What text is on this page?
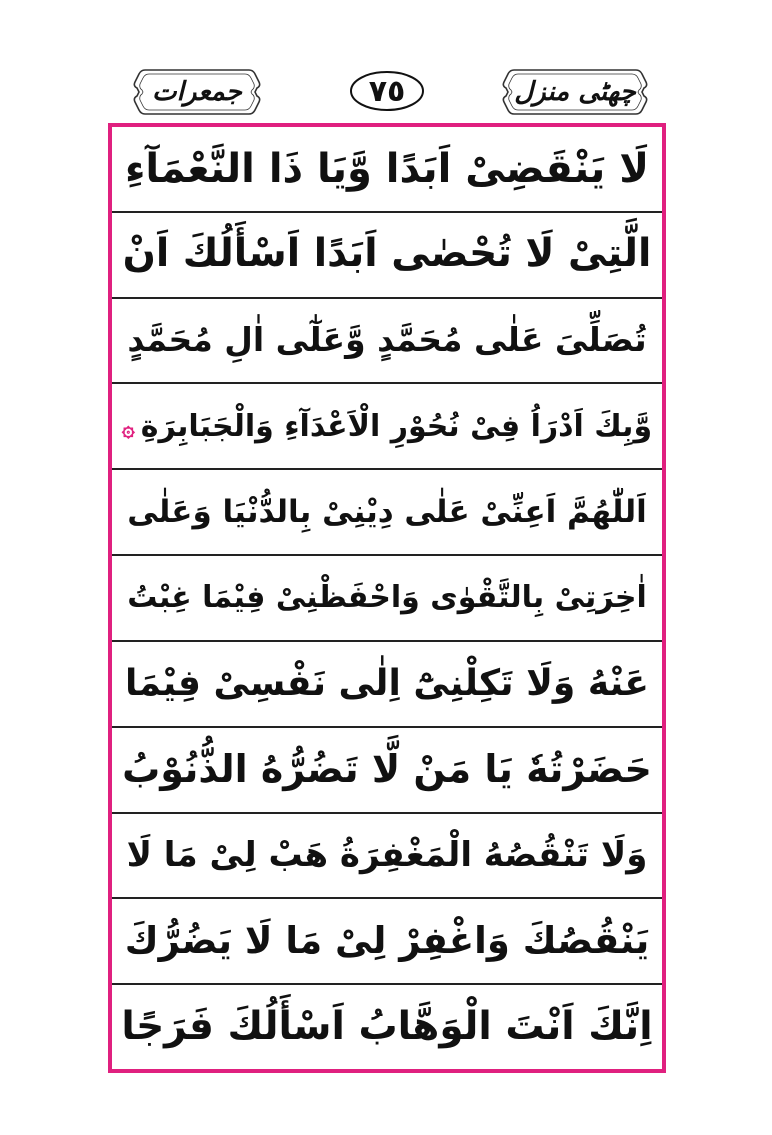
جمعرات	٧٥	چھٹی منزل
لَا يَنْقَضِىْ اَبَدًا وَّيَا ذَا النَّعْمَآءِ
الَّتِىْ لَا تُحْصٰى اَبَدًا اَسْأَلُكَ اَنْ
تُصَلِّىَ عَلٰى مُحَمَّدٍ وَّعَلٰٓى اٰلِ مُحَمَّدٍ
وَّبِكَ اَدْرَاُ فِىْ نُحُوْرِ الْاَعْدَآءِ وَالْجَبَابِرَةِ۞
اَللّٰهُمَّ اَعِنِّىْ عَلٰى دِيْنِىْ بِالدُّنْيَا وَعَلٰى
اٰخِرَتِىْ بِالتَّقْوٰى وَاحْفَظْنِىْ فِيْمَا غِبْتُ
عَنْهُ وَلَا تَكِلْنِىْٓ اِلٰى نَفْسِىْ فِيْمَا
حَضَرْتُهٗ يَا مَنْ لَّا تَضُرُّهُ الذُّنُوْبُ
وَلَا تَنْقُصُهُ الْمَغْفِرَةُ هَبْ لِىْ مَا لَا
يَنْقُصُكَ وَاغْفِرْ لِىْ مَا لَا يَضُرُّكَ
اِنَّكَ اَنْتَ الْوَهَّابُ اَسْأَلُكَ فَرَجًا
